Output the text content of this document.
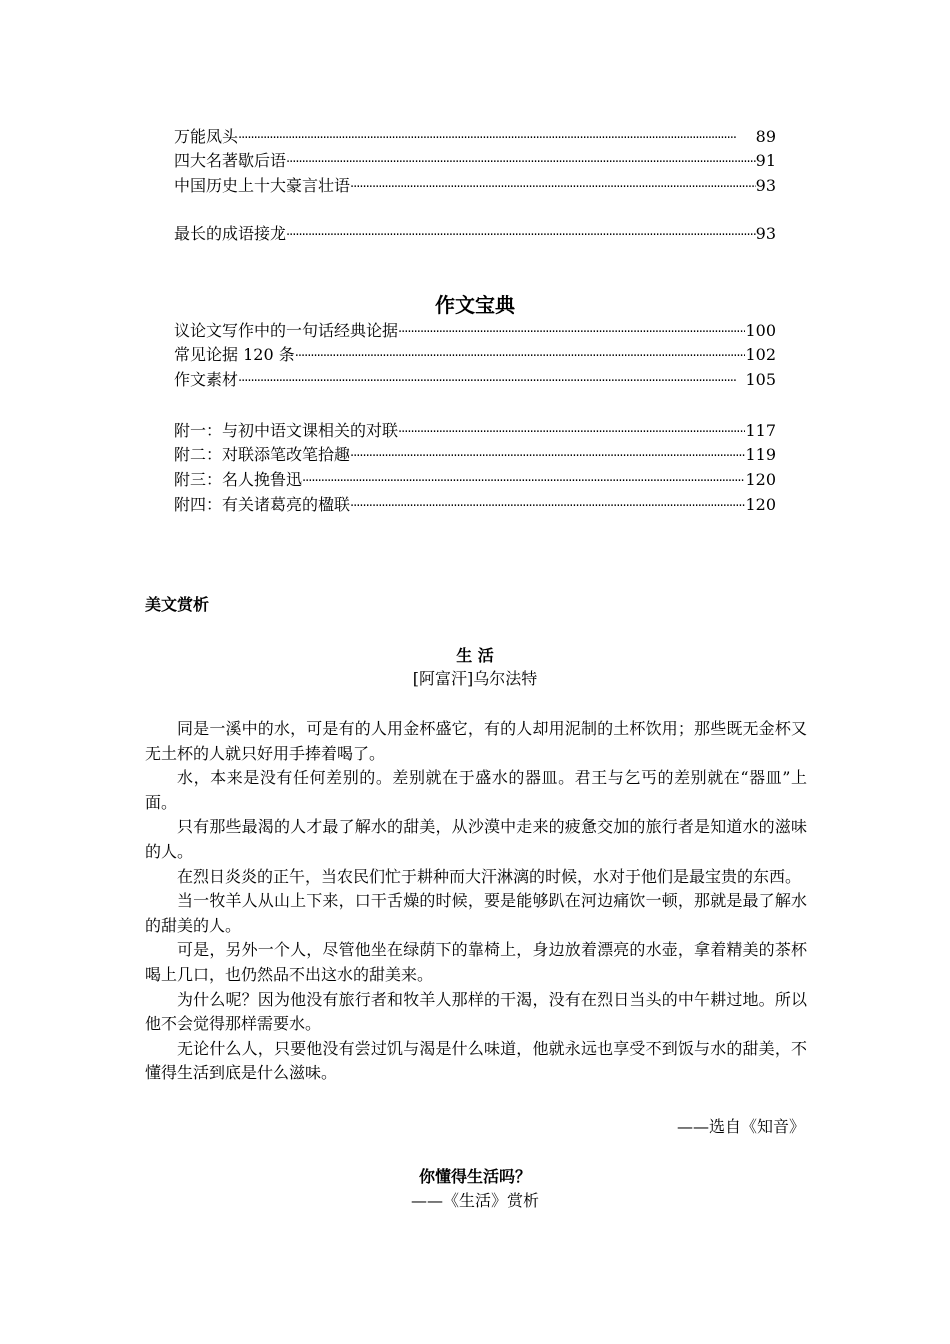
万能凤头 ·····	89
四大名著歇后语 ·····	91
中国历史上十大豪言壮语 ·····	93
最长的成语接龙 ·····	93
作文宝典
议论文写作中的一句话经典论据 ·····	100
常见论据 120 条 ·····	102
作文素材 ·····	105
附一：与初中语文课相关的对联 ·····	117
附二：对联添笔改笔拾趣 ·····	119
附三：名人挽鲁迅 ·····	120
附四：有关诸葛亮的楹联 ·····	120
美文赏析
生 活
[阿富汗]乌尔法特

同是一溪中的水，可是有的人用金杯盛它，有的人却用泥制的土杯饮用；那些既无金杯又无土杯的人就只好用手捧着喝了。

水，本来是没有任何差别的。差别就在于盛水的器皿。君王与乞丐的差别就在“器皿”上面。

只有那些最渴的人才最了解水的甜美，从沙漠中走来的疲惫交加的旅行者是知道水的滋味的人。

在烈日炎炎的正午，当农民们忙于耕种而大汗淋漓的时候，水对于他们是最宝贵的东西。

当一牧羊人从山上下来，口干舌燥的时候，要是能够趴在河边痛饮一顿，那就是最了解水的甜美的人。

可是，另外一个人，尽管他坐在绿荫下的靠椅上，身边放着漂亮的水壶，拿着精美的茶杯喝上几口，也仍然品不出这水的甜美来。

为什么呢？因为他没有旅行者和牧羊人那样的干渴，没有在烈日当头的中午耕过地。所以他不会觉得那样需要水。

无论什么人，只要他没有尝过饥与渴是什么味道，他就永远也享受不到饭与水的甜美，不懂得生活到底是什么滋味。

——选自《知音》
你懂得生活吗？
——《生活》赏析
